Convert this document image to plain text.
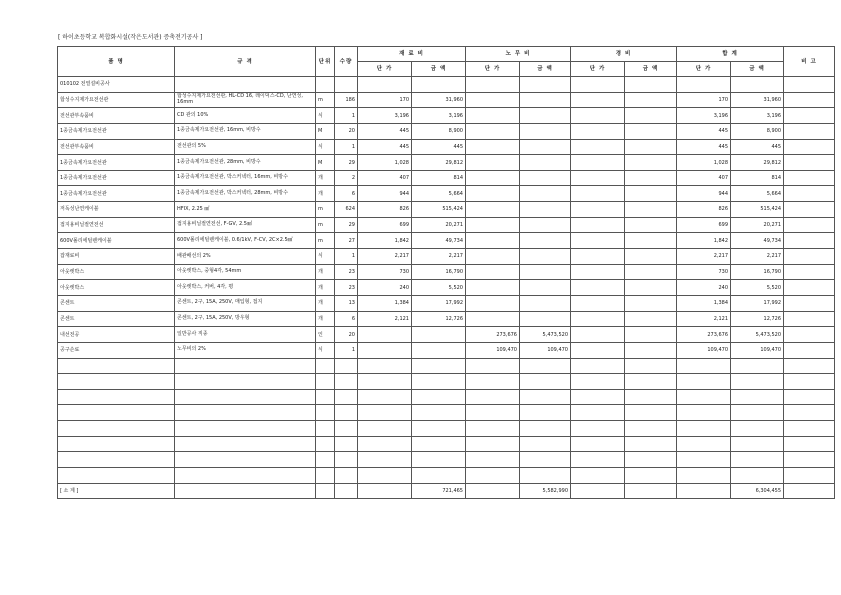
[ 하이초등학교 복합화시설(작은도서관) 증축전기공사 ]
품 명	규 격	단위	수량	재 료 비		노 무 비		경 비		합 계		비 고
				단 가	금 액	단 가	금 액	단 가	금 액	단 가	금 액	
010102 전열설비공사												
합성수지제가요전선관	합성수지제가요전선관, HL-CD 16, 레이덕스-CD, 난연성, 16mm	m	186	170	31,960					170	31,960	
전선관부속품비	CD 관의 10%	식	1	3,196	3,196					3,196	3,196	
1종금속제가요전선관	1종금속제가요전선관, 16mm, 비방수	M	20	445	8,900					445	8,900	
전선관부속품비	전선관의 5%	식	1	445	445					445	445	
1종금속제가요전선관	1종금속제가요전선관, 28mm, 비방수	M	29	1,028	29,812					1,028	29,812	
1종금속제가요전선관	1종금속제가요전선관, 박스커넥터, 16mm, 비방수	개	2	407	814					407	814	
1종금속제가요전선관	1종금속제가요전선관, 박스커넥터, 28mm, 비방수	개	6	944	5,664					944	5,664	
저독성난연케이블	HFIX, 2.25 ㎟	m	624	826	515,424					826	515,424	
접지용비닐절연전선	접지용비닐절연전선, F-GV, 2.5㎟	m	29	699	20,271					699	20,271	
600V폴리에틸렌케이블	600V폴리에틸렌케이블, 0.6/1kV, F-CV, 2C×2.5㎟	m	27	1,842	49,734					1,842	49,734	
잡재료비	배관배선의 2%	식	1	2,217	2,217					2,217	2,217	
아웃렛박스	아웃렛박스, 중형4각, 54mm	개	23	730	16,790					730	16,790	
아웃렛박스	아웃렛박스, 커버, 4각, 평	개	23	240	5,520					240	5,520	
콘센트	콘센트, 2구, 15A, 250V, 매입형, 접지	개	13	1,384	17,992					1,384	17,992	
콘센트	콘센트, 2구, 15A, 250V, 방우형	개	6	2,121	12,726					2,121	12,726	
내선전공	일반공사 직종	인	20			273,676	5,473,520			273,676	5,473,520	
공구손료	노무비의 2%	식	1			109,470	109,470			109,470	109,470	

[ 소 계 ]					721,465		5,582,990				6,304,455	
